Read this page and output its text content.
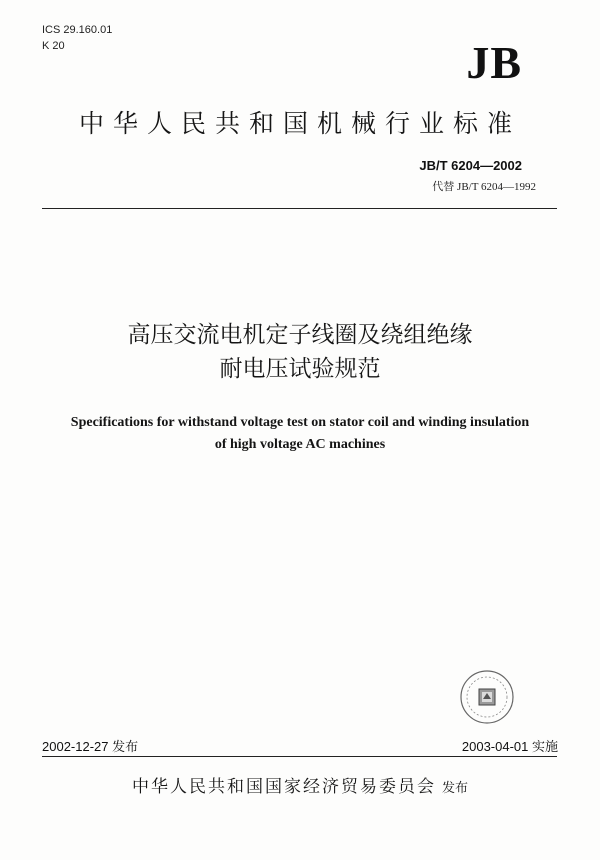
ICS 29.160.01
K 20	JB
中华人民共和国机械行业标准
JB/T 6204—2002
代替 JB/T 6204—1992
高压交流电机定子线圈及绕组绝缘
耐电压试验规范
Specifications for withstand voltage test on stator coil and winding insulation
of high voltage AC machines
2002-12-27 发布	2003-04-01 实施
中华人民共和国国家经济贸易委员会 发布
